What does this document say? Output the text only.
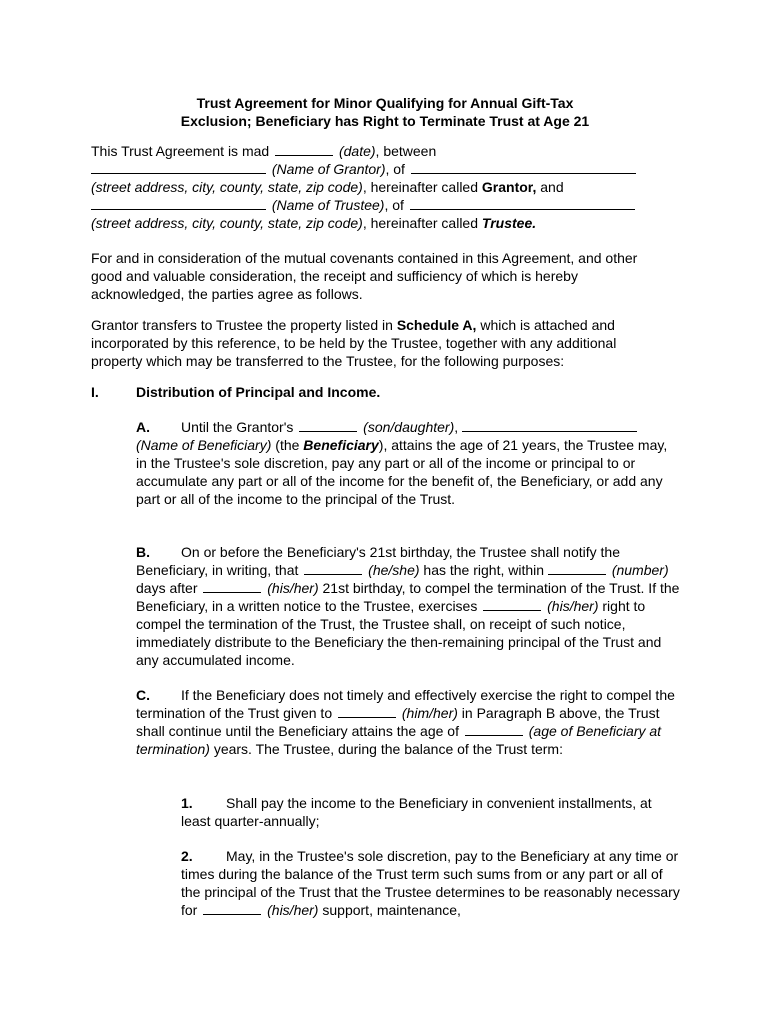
Trust Agreement for Minor Qualifying for Annual Gift-Tax
Exclusion; Beneficiary has Right to Terminate Trust at Age 21
This Trust Agreement is mad	(date), between
(Name of Grantor), of
(street address, city, county, state, zip code), hereinafter called Grantor, and
(Name of Trustee), of
(street address, city, county, state, zip code), hereinafter called Trustee.
For and in consideration of the mutual covenants contained in this Agreement, and other good and valuable consideration, the receipt and sufficiency of which is hereby acknowledged, the parties agree as follows.
Grantor transfers to Trustee the property listed in Schedule A, which is attached and incorporated by this reference, to be held by the Trustee, together with any additional property which may be transferred to the Trustee, for the following purposes:
I.	Distribution of Principal and Income.
A. Until the Grantor's	(son/daughter),  (Name of Beneficiary) (the Beneficiary), attains the age of 21 years, the Trustee may, in the Trustee's sole discretion, pay any part or all of the income or principal to or accumulate any part or all of the income for the benefit of, the Beneficiary, or add any part or all of the income to the principal of the Trust.
B. On or before the Beneficiary's 21st birthday, the Trustee shall notify the Beneficiary, in writing, that	(he/she) has the right, within	(number) days after	(his/her) 21st birthday, to compel the termination of the Trust. If the Beneficiary, in a written notice to the Trustee, exercises	(his/her) right to compel the termination of the Trust, the Trustee shall, on receipt of such notice, immediately distribute to the Beneficiary the then-remaining principal of the Trust and any accumulated income.
C. If the Beneficiary does not timely and effectively exercise the right to compel the termination of the Trust given to	(him/her) in Paragraph B above, the Trust shall continue until the Beneficiary attains the age of	(age of Beneficiary at termination) years. The Trustee, during the balance of the Trust term:
1. Shall pay the income to the Beneficiary in convenient installments, at least quarter-annually;
2. May, in the Trustee's sole discretion, pay to the Beneficiary at any time or times during the balance of the Trust term such sums from or any part or all of the principal of the Trust that the Trustee determines to be reasonably necessary for	(his/her) support, maintenance,
